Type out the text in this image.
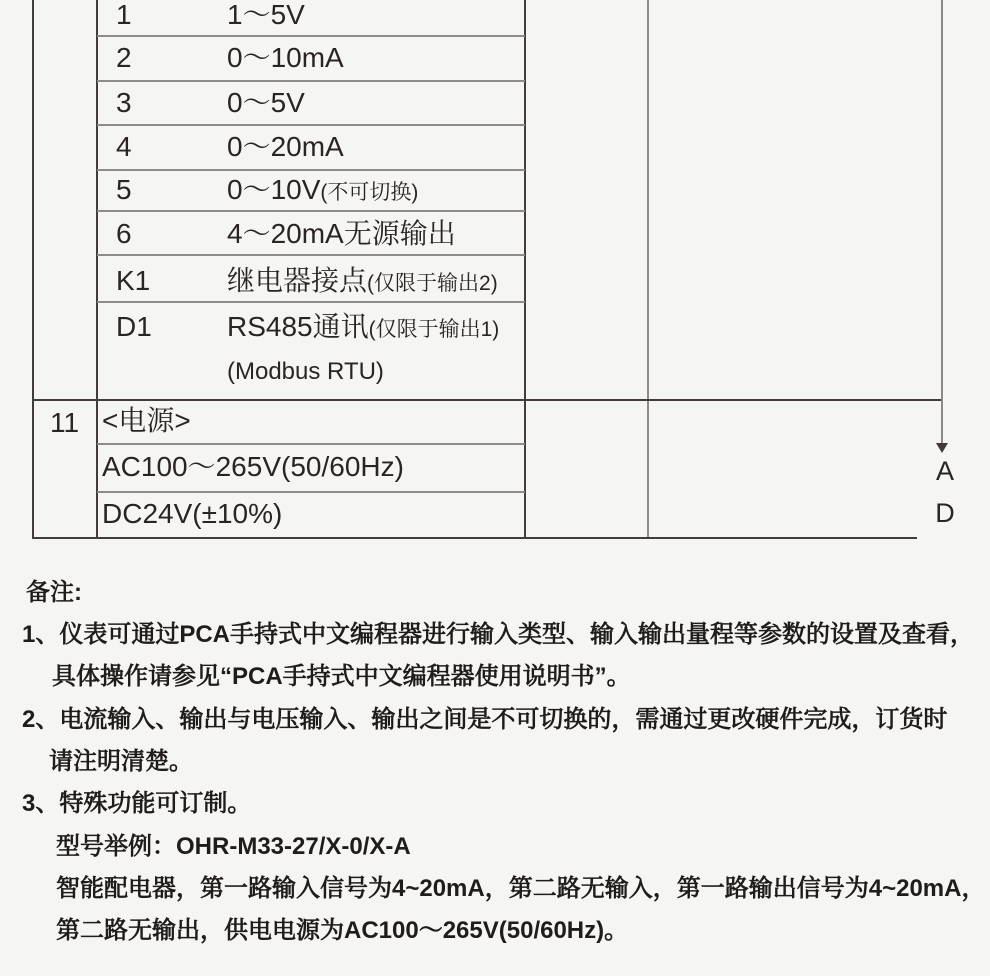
1	1～5V
2	0～10mA
3	0～5V
4	0～20mA
5	0～10V(不可切换)
6	4～20mA无源输出
K1	继电器接点(仅限于输出2)
D1	RS485通讯(仅限于输出1)
(Modbus RTU)
11 <电源>
AC100～265V(50/60Hz)
DC24V(±10%)
A
D
备注:
1、仪表可通过PCA手持式中文编程器进行输入类型、输入输出量程等参数的设置及查看，
具体操作请参见“PCA手持式中文编程器使用说明书”。
2、电流输入、输出与电压输入、输出之间是不可切换的，需通过更改硬件完成，订货时
请注明清楚。
3、特殊功能可订制。
型号举例：OHR-M33-27/X-0/X-A
智能配电器，第一路输入信号为4~20mA，第二路无输入，第一路输出信号为4~20mA，
第二路无输出，供电电源为AC100～265V(50/60Hz)。
